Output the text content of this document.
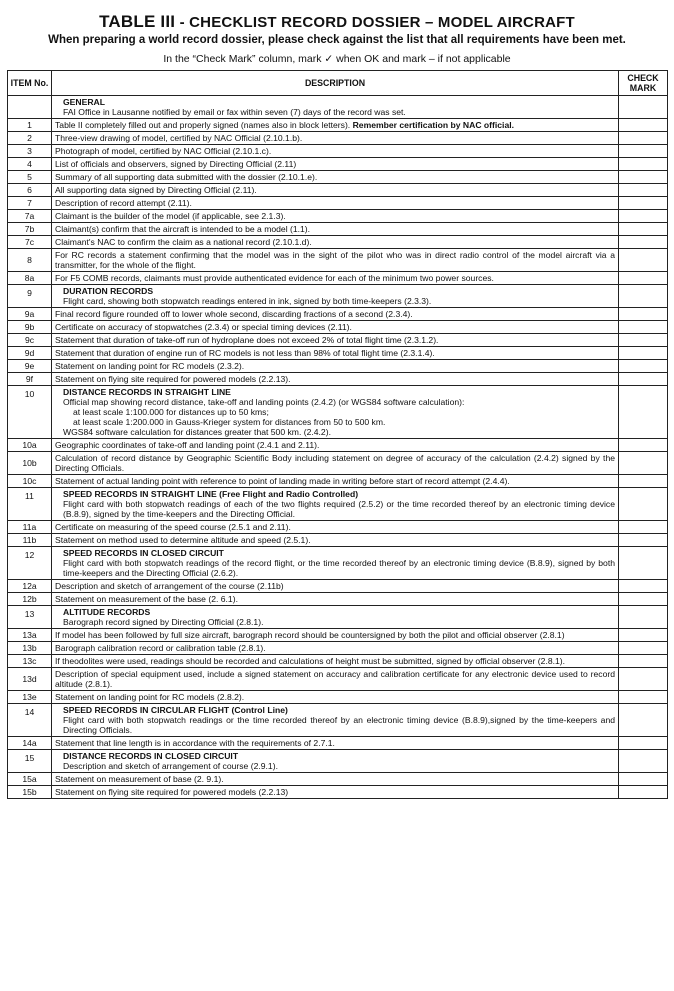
TABLE III - CHECKLIST RECORD DOSSIER – MODEL AIRCRAFT
When preparing a world record dossier, please check against the list that all requirements have been met.
In the “Check Mark” column, mark ✓ when OK and mark – if not applicable
ITEM No.	DESCRIPTION	CHECK MARK

	GENERAL
FAI Office in Lausanne notified by email or fax within seven (7) days of the record was set.	

1	Table II completely filled out and properly signed (names also in block letters). Remember certification by NAC official.	
2	Three-view drawing of model, certified by NAC Official (2.10.1.b).	
3	Photograph of model, certified by NAC Official (2.10.1.c).	
4	List of officials and observers, signed by Directing Official (2.11)	
5	Summary of all supporting data submitted with the dossier (2.10.1.e).	
6	All supporting data signed by Directing Official (2.11).	
7	Description of record attempt (2.11).	
7a	Claimant is the builder of the model (if applicable, see 2.1.3).	
7b	Claimant(s) confirm that the aircraft is intended to be a model (1.1).	
7c	Claimant's NAC to confirm the claim as a national record (2.10.1.d).	
8	For RC records a statement confirming that the model was in the sight of the pilot who was in direct radio control of the model aircraft via a transmitter, for the whole of the flight.	
8a	For F5 COMB records, claimants must provide authenticated evidence for each of the minimum two power sources.	
9	DURATION RECORDS
Flight card, showing both stopwatch readings entered in ink, signed by both time-keepers (2.3.3).	

9a	Final record figure rounded off to lower whole second, discarding fractions of a second (2.3.4).	
9b	Certificate on accuracy of stopwatches (2.3.4) or special timing devices (2.11).	
9c	Statement that duration of take-off run of hydroplane does not exceed 2% of total flight time (2.3.1.2).	
9d	Statement that duration of engine run of RC models is not less than 98% of total flight time (2.3.1.4).	
9e	Statement on landing point for RC models (2.3.2).	
9f	Statement on flying site required for powered models (2.2.13).	
10	DISTANCE RECORDS IN STRAIGHT LINE
Official map showing record distance, take-off and landing points (2.4.2) (or WGS84 software calculation):
at least scale 1:100.000 for distances up to 50 kms;
at least scale 1:200.000 in Gauss-Krieger system for distances from 50 to 500 km.
WGS84 software calculation for distances greater that 500 km. (2.4.2).	

10a	Geographic coordinates of take-off and landing point (2.4.1 and 2.11).	
10b	Calculation of record distance by Geographic Scientific Body including statement on degree of accuracy of the calculation (2.4.2) signed by the Directing Officials.	
10c	Statement of actual landing point with reference to point of landing made in writing before start of record attempt (2.4.4).	
11	SPEED RECORDS IN STRAIGHT LINE (Free Flight and Radio Controlled)
Flight card with both stopwatch readings of each of the two flights required (2.5.2) or the time recorded thereof by an electronic timing device (B.8.9), signed by the time-keepers and the Directing Official.	

11a	Certificate on measuring of the speed course (2.5.1 and 2.11).	
11b	Statement on method used to determine altitude and speed (2.5.1).	
12	SPEED RECORDS IN CLOSED CIRCUIT
Flight card with both stopwatch readings of the record flight, or the time recorded thereof by an electronic timing device (B.8.9), signed by both time-keepers and the Directing Official (2.6.2).	

12a	Description and sketch of arrangement of the course (2.11b)	
12b	Statement on measurement of the base (2. 6.1).	
13	ALTITUDE RECORDS
Barograph record signed by Directing Official (2.8.1).	

13a	If model has been followed by full size aircraft, barograph record should be countersigned by both the pilot and official observer (2.8.1)	
13b	Barograph calibration record or calibration table (2.8.1).	
13c	If theodolites were used, readings should be recorded and calculations of height must be submitted, signed by official observer (2.8.1).	
13d	Description of special equipment used, include a signed statement on accuracy and calibration certificate for any electronic device used to record altitude (2.8.1).	
13e	Statement on landing point for RC models (2.8.2).	
14	SPEED RECORDS IN CIRCULAR FLIGHT (Control Line)
Flight card with both stopwatch readings or the time recorded thereof by an electronic timing device (B.8.9),signed by the time-keepers and Directing Officials.	

14a	Statement that line length is in accordance with the requirements of 2.7.1.	
15	DISTANCE RECORDS IN CLOSED CIRCUIT
Description and sketch of arrangement of course (2.9.1).	

15a	Statement on measurement of base (2. 9.1).	
15b	Statement on flying site required for powered models (2.2.13)	
